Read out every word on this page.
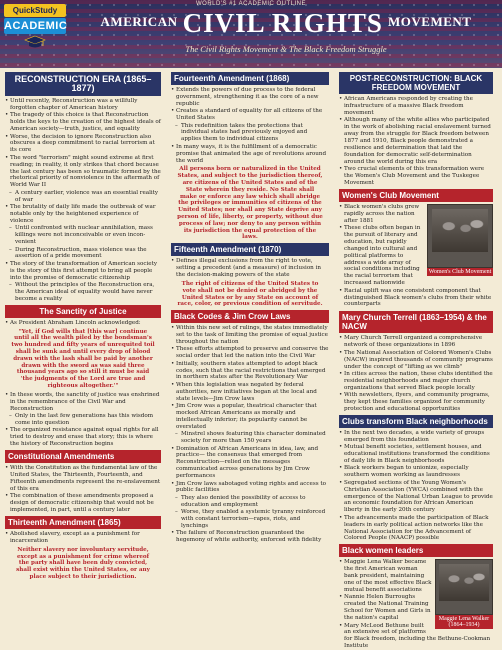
WORLD'S #1 ACADEMIC OUTLINE
QuickStudy
ACADEMIC	$^{AMERICAN}$ CIVIL RIGHTS $^{MOVEMENT}$
The Civil Rights Movement & The Black Freedom Struggle
RECONSTRUCTION ERA (1865–1877)
• Until recently, Reconstruction was a willfully forgotten chapter of American history
• The tragedy of this choice is that Reconstruction holds the keys to the creation of the highest ideals of American society—truth, justice, and equality
• Worse, the decision to ignore Reconstruction also obscures a deep commitment to racial terrorism at its core
• The word "terrorism" might sound extreme at first reading; in reality, it only strikes that chord because the last century has been so traumatic formed by the rhetorical priority of nonviolence in the aftermath of World War II
– A century earlier, violence was an essential reality of war
• The brutality of daily life made the outbreak of war notable only by the heightened experience of violence
– Until confronted with nuclear annihilation, mass killings were not inconceivable or even incon-venient
– During Reconstruction, mass violence was the assertion of a pride movement
• The story of the transformation of American society is the story of this first attempt to bring all people into the promise of democratic citizenship
– Without the principles of the Reconstruction era, the American ideal of equality would have never become a reality
The Sanctity of Justice
• As President Abraham Lincoln acknowledged:
"Yet, if God wills that [this war] continue until all the wealth piled by the bondsman's two hundred and fifty years of unrequited toil shall be sunk and until every drop of blood drawn with the lash shall be paid by another drawn with the sword as was said three thousand years ago so still it must be said 'the judgments of the Lord are true and righteous altogether.'"
• In these words, the sanctity of justice was enshrined in the remembrance of the Civil War and Reconstruction
– Only in the last few generations has this wisdom come into question
• The organized resistance against equal rights for all tried to destroy and erase that story; this is where the history of Reconstruction begins
Constitutional Amendments
• With the Constitution as the fundamental law of the United States, the Thirteenth, Fourteenth, and Fifteenth amendments represent the re-enslavement of this era
• The combination of these amendments proposed a design of democratic citizenship that would not be implemented, in part, until a century later
Thirteenth Amendment (1865)
• Abolished slavery, except as a punishment for incarceration
Neither slavery nor involuntary servitude, except as a punishment for crime whereof the party shall have been duly convicted, shall exist within the United States, or any place subject to their jurisdiction.
Fourteenth Amendment (1868)
• Extends the powers of due process to the federal government, strengthening it as the core of a new republic
• Creates a standard of equality for all citizens of the United States
– This redefinition takes the protections that individual states had previously enjoyed and applies them to individual citizens
• In many ways, it is the fulfillment of a democratic promise that animated the age of revolutions around the world
All persons born or naturalized in the United States, and subject to the jurisdiction thereof, are citizens of the United States and of the State wherein they reside. No State shall make or enforce any law which shall abridge the privileges or immunities of citizens of the United States; nor shall any State deprive any person of life, liberty, or property, without due process of law; nor deny to any person within its jurisdiction the equal protection of the laws.
Fifteenth Amendment (1870)
• Defines illegal exclusions from the right to vote, setting a precedent (and a measure) of inclusion in the decision-making powers of the state
The right of citizens of the United States to vote shall not be denied or abridged by the United States or by any State on account of race, color, or previous condition of servitude.
Black Codes & Jim Crow Laws
• Within this new set of rulings, the states immediately set to the task of limiting the promise of equal justice throughout the nation
• These efforts attempted to preserve and conserve the social order that led the nation into the Civil War
• Initially, southern states attempted to adopt black codes, such that the racial restrictions that emerged in northern states after the Revolutionary War
• When this legislation was negated by federal authorities, new initiatives began at the local and state levels—Jim Crow laws
• Jim Crow was a popular, theatrical character that mocked African Americans as morally and intellectually inferior; its popularity cannot be overstated
– Minstrel shows featuring this character dominated society for more than 150 years
• Domination of African Americans in idea, law, and practice— the consensus that emerged from Reconstruction—relied on the messages communicated across generations by Jim Crow performances
• Jim Crow laws sabotaged voting rights and access to public facilities
– They also denied the possibility of access to education and employment
– Worse, they enabled a systemic tyranny reinforced with constant terrorism—rapes, riots, and lynchings
• The failure of Reconstruction guaranteed the hegemony of white authority, enforced with fidelity
POST-RECONSTRUCTION: BLACK FREEDOM MOVEMENT
• African Americans responded by creating the infrastructure of a massive Black freedom movement
• Although many of the white allies who participated in the work of abolishing racial enslavement turned away from the struggle for Black freedom between 1877 and 1910, Black people demonstrated a resilience and determination that laid the foundation for democratic self-determination around the world during this era
• Two crucial elements of this transformation were the Women's Club Movement and the Tuskegee Movement
Women's Club Movement
Women's Club Movement
• Black women's clubs grew rapidly across the nation after 1881
• These clubs often began in the pursuit of literary and education, but rapidly changed into cultural and political platforms to address a wide array of social conditions including the racial terrorism that increased nationwide
• Racial uplift was one consistent component that distinguished Black women's clubs from their white counterparts
Mary Church Terrell (1863–1954) & the NACW
• Mary Church Terrell organized a comprehensive network of these organizations in 1896
• The National Association of Colored Women's Clubs (NACW) inspired thousands of community programs under the concept of "lifting as we climb"
• In cities across the nation, these clubs identified the residential neighborhoods and major church organizations that served Black people locally
• With newsletters, flyers, and community programs, they kept these families organized for community protection and educational opportunities
Clubs transform Black neighborhoods
• In the next two decades, a wide variety of groups emerged from this foundation
• Mutual benefit societies, settlement houses, and educational institutions transformed the conditions of daily life in Black neighborhoods
• Black workers began to unionize, especially southern women working as laundresses
• Segregated sections of the Young Women's Christian Association (YWCA) combined with the emergence of the National Urban League to provide an economic foundation for African American liberty in the early 20th century
• The advancements made the participation of Black leaders in early political action networks like the National Association for the Advancement of Colored People (NAACP) possible
Black women leaders
Maggie Lena Walker (1864–1934)
• Maggie Lena Walker became the first American woman bank president, maintaining one of the most effective Black mutual benefit associations
• Nannie Helen Burroughs created the National Training School for Women and Girls in the nation's capital
• Mary McLeod Bethune built an extensive set of platforms for Black freedom, including the Bethune-Cookman Institute
